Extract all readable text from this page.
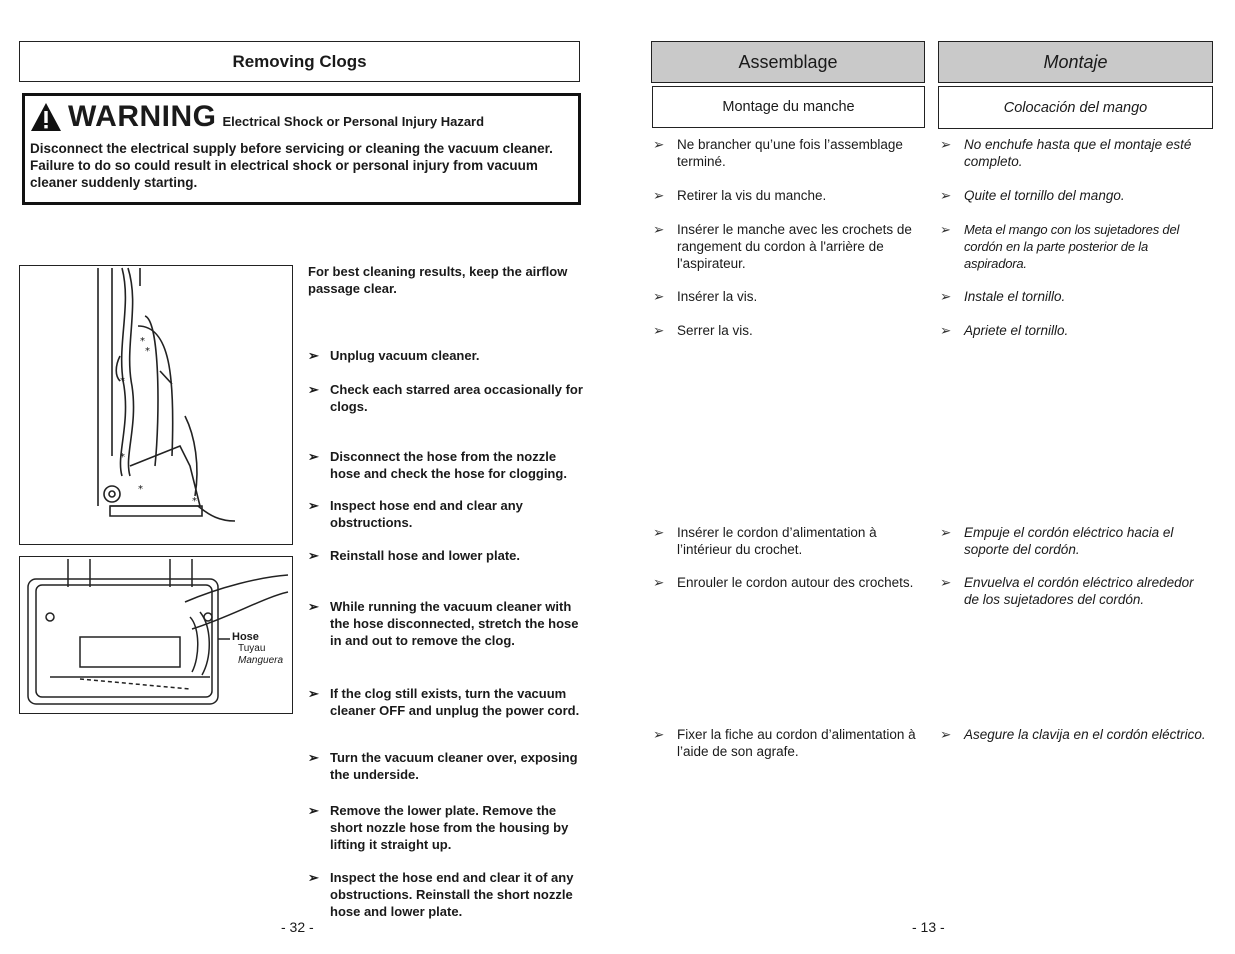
Removing Clogs
WARNING Electrical Shock or Personal Injury Hazard
Disconnect the electrical supply before servicing or cleaning the vacuum cleaner. Failure to do so could result in electrical shock or personal injury from vacuum cleaner suddenly starting.
*
*
*
*
*
*
Hose
Tuyau
Manguera
For best cleaning results, keep the airflow passage clear.
➢ Unplug vacuum cleaner.
➢ Check each starred area occasionally for clogs.
➢ Disconnect the hose from the nozzle hose and check the hose for clogging.
➢ Inspect hose end and clear any obstructions.
➢ Reinstall hose and lower plate.
➢ While running the vacuum cleaner with the hose disconnected, stretch the hose in and out to remove the clog.
➢ If the clog still exists, turn the vacuum cleaner OFF and unplug the power cord.
➢ Turn the vacuum cleaner over, exposing the underside.
➢ Remove the lower plate. Remove the short nozzle hose from the housing by lifting it straight up.
➢ Inspect the hose end and clear it of any obstructions. Reinstall the short nozzle hose and lower plate.
- 32 -
Assemblage
Montage du manche
Montaje
Colocación del mango
➢ Ne brancher qu’une fois l’assemblage terminé.
➢ Retirer la vis du manche.
➢ Insérer le manche avec les crochets de rangement du cordon à l'arrière de l'aspirateur.
➢ Insérer la vis.
➢ Serrer la vis.
➢ Insérer le cordon d’alimentation à l’intérieur du crochet.
➢ Enrouler le cordon autour des crochets.
➢ Fixer la fiche au cordon d’alimentation à l’aide de son agrafe.
➢ No enchufe hasta que el montaje esté completo.
➢ Quite el tornillo del mango.
➢	Meta el mango con los sujetadores del cordón en la parte posterior de la aspiradora.
➢ Instale el tornillo.
➢ Apriete el tornillo.
➢ Empuje el cordón eléctrico hacia el soporte del cordón.
➢ Envuelva el cordón eléctrico alrededor de los sujetadores del cordón.
➢ Asegure la clavija en el cordón eléctrico.
- 13 -
